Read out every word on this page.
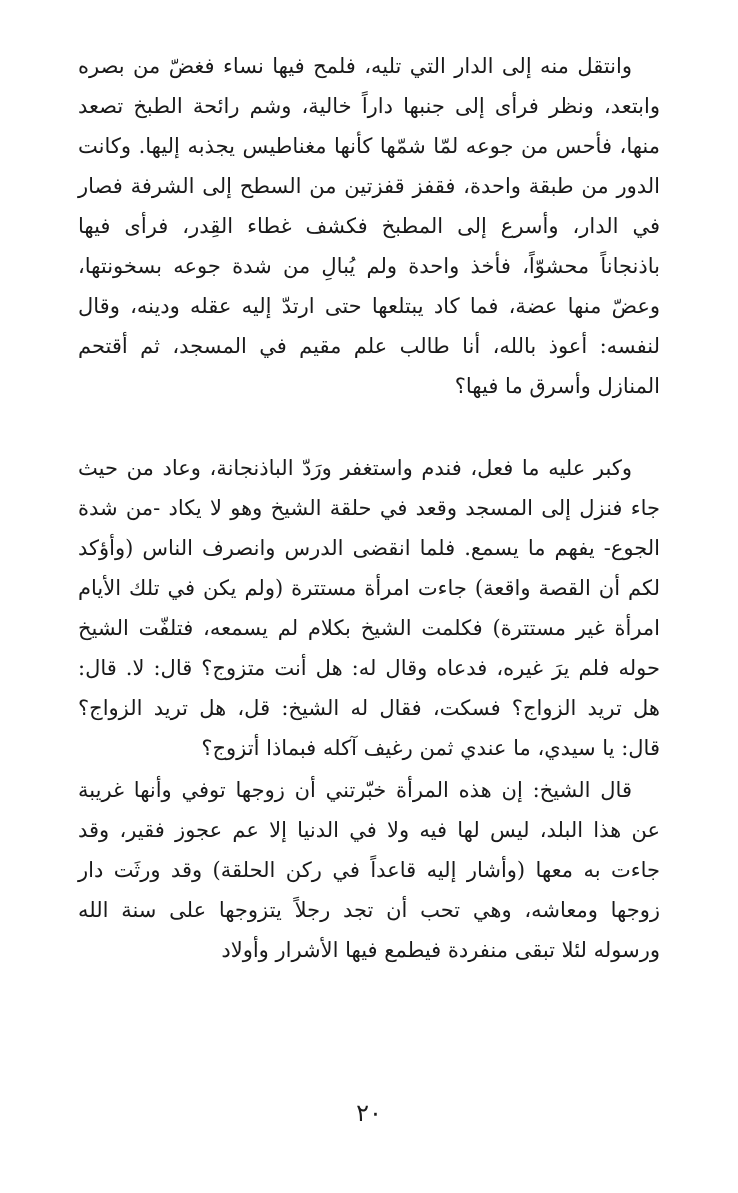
وانتقل منه إلى الدار التي تليه، فلمح فيها نساء فغضّ من بصره وابتعد، ونظر فرأى إلى جنبها داراً خالية، وشم رائحة الطبخ تصعد منها، فأحس من جوعه لمّا شمّها كأنها مغناطيس يجذبه إليها. وكانت الدور من طبقة واحدة، فقفز قفزتين من السطح إلى الشرفة فصار في الدار، وأسرع إلى المطبخ فكشف غطاء القِدر، فرأى فيها باذنجاناً محشوّاً، فأخذ واحدة ولم يُبالِ من شدة جوعه بسخونتها، وعضّ منها عضة، فما كاد يبتلعها حتى ارتدّ إليه عقله ودينه، وقال لنفسه: أعوذ بالله، أنا طالب علم مقيم في المسجد، ثم أقتحم المنازل وأسرق ما فيها؟

وكبر عليه ما فعل، فندم واستغفر ورَدّ الباذنجانة، وعاد من حيث جاء فنزل إلى المسجد وقعد في حلقة الشيخ وهو لا يكاد -من شدة الجوع- يفهم ما يسمع. فلما انقضى الدرس وانصرف الناس (وأؤكد لكم أن القصة واقعة) جاءت امرأة مستترة (ولم يكن في تلك الأيام امرأة غير مستترة) فكلمت الشيخ بكلام لم يسمعه، فتلفّت الشيخ حوله فلم يرَ غيره، فدعاه وقال له: هل أنت متزوج؟ قال: لا. قال: هل تريد الزواج؟ فسكت، فقال له الشيخ: قل، هل تريد الزواج؟ قال: يا سيدي، ما عندي ثمن رغيف آكله فبماذا أتزوج؟

قال الشيخ: إن هذه المرأة خبّرتني أن زوجها توفي وأنها غريبة عن هذا البلد، ليس لها فيه ولا في الدنيا إلا عم عجوز فقير، وقد جاءت به معها (وأشار إليه قاعداً في ركن الحلقة) وقد ورثَت دار زوجها ومعاشه، وهي تحب أن تجد رجلاً يتزوجها على سنة الله ورسوله لئلا تبقى منفردة فيطمع فيها الأشرار وأولاد

٢٠
